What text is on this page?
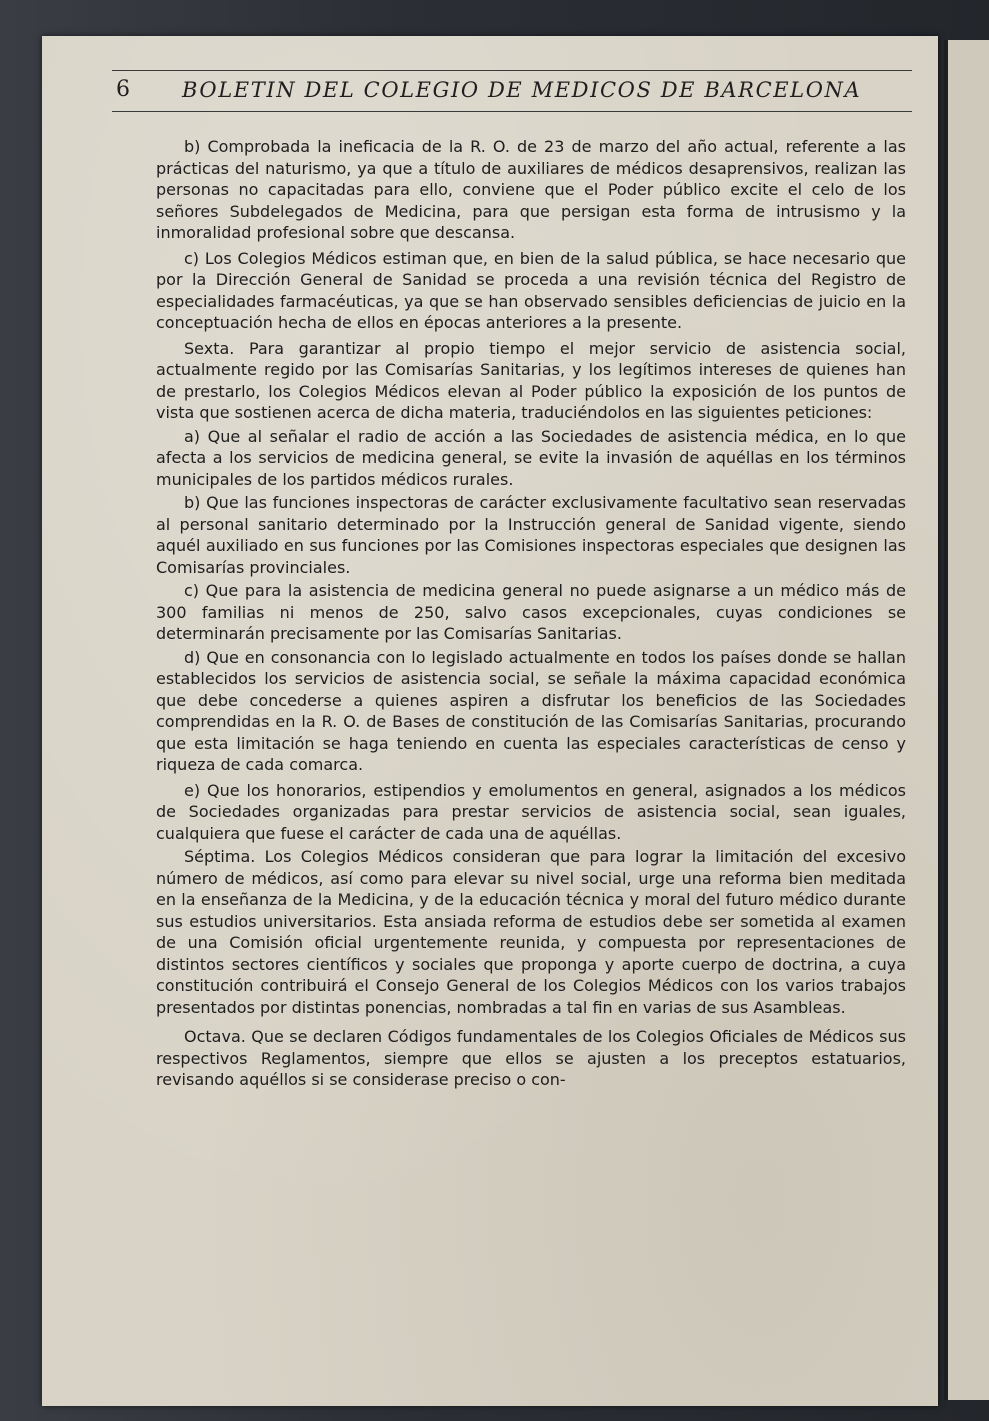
6 BOLETIN DEL COLEGIO DE MEDICOS DE BARCELONA

b) Comprobada la ineficacia de la R. O. de 23 de marzo del año actual, referente a las prácticas del naturismo, ya que a título de auxiliares de médicos desaprensivos, realizan las personas no capacitadas para ello, conviene que el Poder público excite el celo de los señores Subdelegados de Medicina, para que persigan esta forma de intrusismo y la inmoralidad profesional sobre que descansa.

c) Los Colegios Médicos estiman que, en bien de la salud pública, se hace necesario que por la Dirección General de Sanidad se proceda a una revisión técnica del Registro de especialidades farmacéuticas, ya que se han observado sensibles deficiencias de juicio en la conceptuación hecha de ellos en épocas anteriores a la presente.

Sexta. Para garantizar al propio tiempo el mejor servicio de asistencia social, actualmente regido por las Comisarías Sanitarias, y los legítimos intereses de quienes han de prestarlo, los Colegios Médicos elevan al Poder público la exposición de los puntos de vista que sostienen acerca de dicha materia, traduciéndolos en las siguientes peticiones:

a) Que al señalar el radio de acción a las Sociedades de asistencia médica, en lo que afecta a los servicios de medicina general, se evite la invasión de aquéllas en los términos municipales de los partidos médicos rurales.

b) Que las funciones inspectoras de carácter exclusivamente facultativo sean reservadas al personal sanitario determinado por la Instrucción general de Sanidad vigente, siendo aquél auxiliado en sus funciones por las Comisiones inspectoras especiales que designen las Comisarías provinciales.

c) Que para la asistencia de medicina general no puede asignarse a un médico más de 300 familias ni menos de 250, salvo casos excepcionales, cuyas condiciones se determinarán precisamente por las Comisarías Sanitarias.

d) Que en consonancia con lo legislado actualmente en todos los países donde se hallan establecidos los servicios de asistencia social, se señale la máxima capacidad económica que debe concederse a quienes aspiren a disfrutar los beneficios de las Sociedades comprendidas en la R. O. de Bases de constitución de las Comisarías Sanitarias, procurando que esta limitación se haga teniendo en cuenta las especiales características de censo y riqueza de cada comarca.

e) Que los honorarios, estipendios y emolumentos en general, asignados a los médicos de Sociedades organizadas para prestar servicios de asistencia social, sean iguales, cualquiera que fuese el carácter de cada una de aquéllas.

Séptima. Los Colegios Médicos consideran que para lograr la limitación del excesivo número de médicos, así como para elevar su nivel social, urge una reforma bien meditada en la enseñanza de la Medicina, y de la educación técnica y moral del futuro médico durante sus estudios universitarios. Esta ansiada reforma de estudios debe ser sometida al examen de una Comisión oficial urgentemente reunida, y compuesta por representaciones de distintos sectores científicos y sociales que proponga y aporte cuerpo de doctrina, a cuya constitución contribuirá el Consejo General de los Colegios Médicos con los varios trabajos presentados por distintas ponencias, nombradas a tal fin en varias de sus Asambleas.

Octava. Que se declaren Códigos fundamentales de los Colegios Oficiales de Médicos sus respectivos Reglamentos, siempre que ellos se ajusten a los preceptos estatuarios, revisando aquéllos si se considerase preciso o con-
